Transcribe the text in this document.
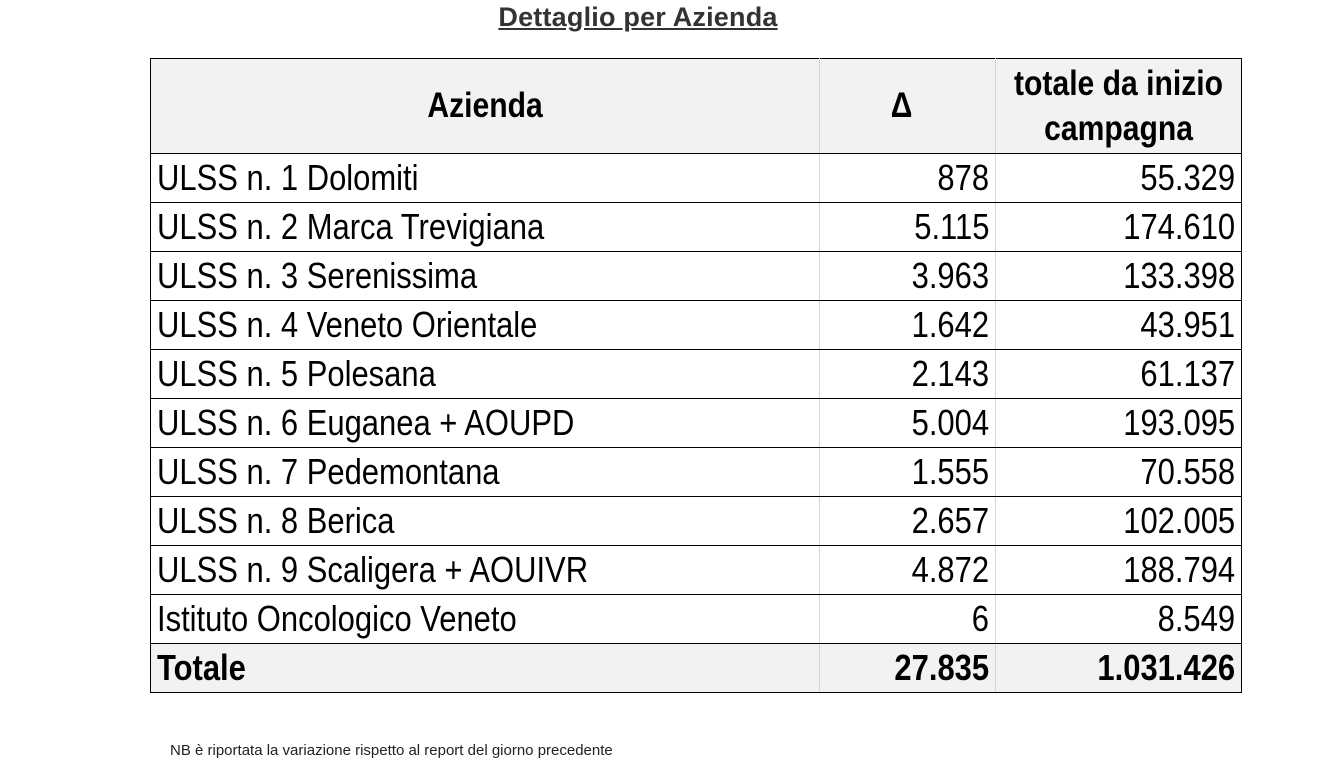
Dettaglio per Azienda
Azienda	Δ	totale da inizio
campagna
ULSS n. 1 Dolomiti	878	55.329
ULSS n. 2 Marca Trevigiana	5.115	174.610
ULSS n. 3 Serenissima	3.963	133.398
ULSS n. 4 Veneto Orientale	1.642	43.951
ULSS n. 5 Polesana	2.143	61.137
ULSS n. 6 Euganea + AOUPD	5.004	193.095
ULSS n. 7 Pedemontana	1.555	70.558
ULSS n. 8 Berica	2.657	102.005
ULSS n. 9 Scaligera + AOUIVR	4.872	188.794
Istituto Oncologico Veneto	6	8.549
Totale	27.835	1.031.426
NB è riportata la variazione rispetto al report del giorno precedente
